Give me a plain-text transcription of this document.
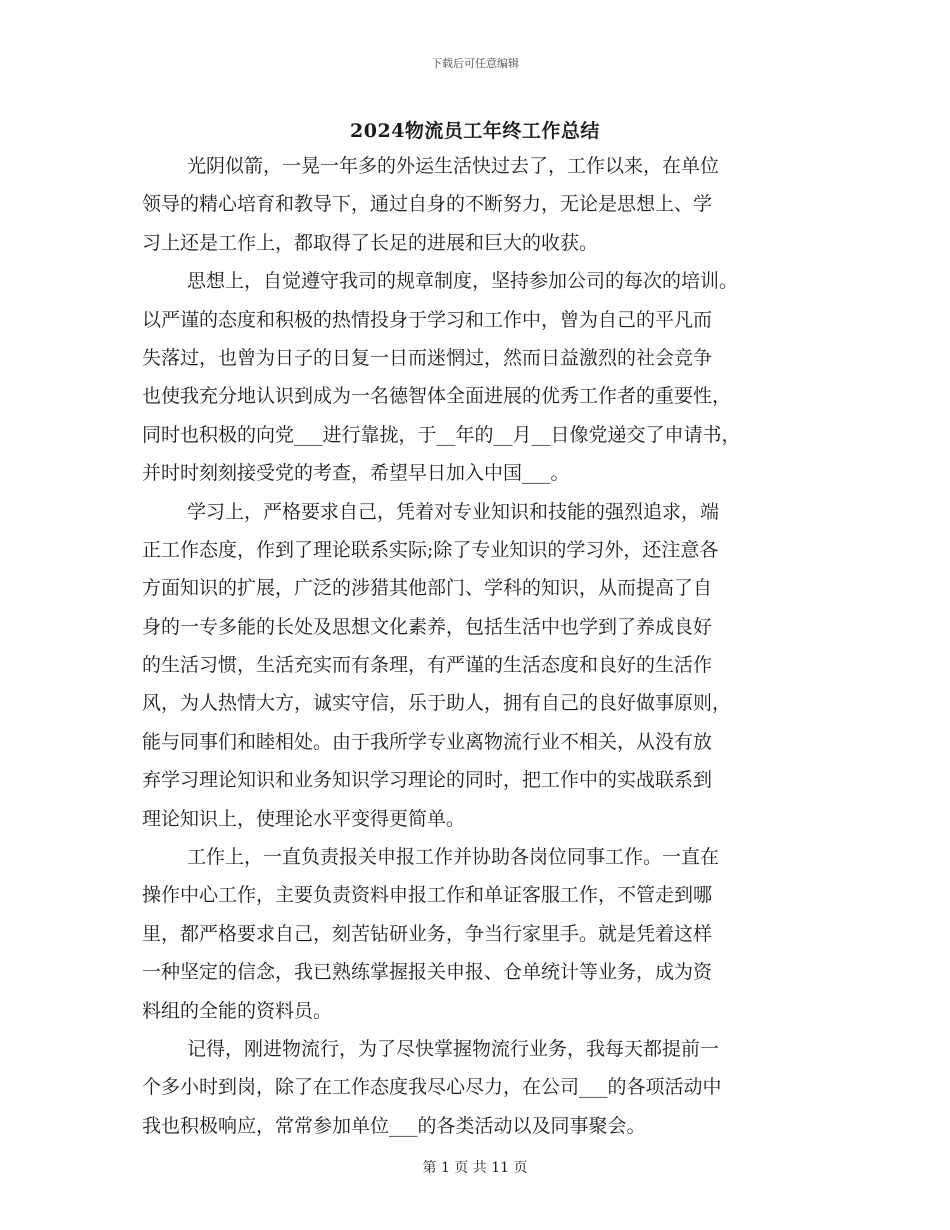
下载后可任意编辑
2024物流员工年终工作总结

光阴似箭，一晃一年多的外运生活快过去了，工作以来，在单位
领导的精心培育和教导下，通过自身的不断努力，无论是思想上、学
习上还是工作上，都取得了长足的进展和巨大的收获。

思想上，自觉遵守我司的规章制度，坚持参加公司的每次的培训。
以严谨的态度和积极的热情投身于学习和工作中，曾为自己的平凡而
失落过，也曾为日子的日复一日而迷惘过，然而日益激烈的社会竞争
也使我充分地认识到成为一名德智体全面进展的优秀工作者的重要性，
同时也积极的向党___进行靠拢，于__年的__月__日像党递交了申请书，
并时时刻刻接受党的考查，希望早日加入中国___。

学习上，严格要求自己，凭着对专业知识和技能的强烈追求，端
正工作态度，作到了理论联系实际;除了专业知识的学习外，还注意各
方面知识的扩展，广泛的涉猎其他部门、学科的知识，从而提高了自
身的一专多能的长处及思想文化素养，包括生活中也学到了养成良好
的生活习惯，生活充实而有条理，有严谨的生活态度和良好的生活作
风，为人热情大方，诚实守信，乐于助人，拥有自己的良好做事原则，
能与同事们和睦相处。由于我所学专业离物流行业不相关，从没有放
弃学习理论知识和业务知识学习理论的同时，把工作中的实战联系到
理论知识上，使理论水平变得更简单。

工作上，一直负责报关申报工作并协助各岗位同事工作。一直在
操作中心工作，主要负责资料申报工作和单证客服工作，不管走到哪
里，都严格要求自己，刻苦钻研业务，争当行家里手。就是凭着这样
一种坚定的信念，我已熟练掌握报关申报、仓单统计等业务，成为资
料组的全能的资料员。

记得，刚进物流行，为了尽快掌握物流行业务，我每天都提前一
个多小时到岗，除了在工作态度我尽心尽力，在公司___的各项活动中
我也积极响应，常常参加单位___的各类活动以及同事聚会。

第 1 页 共 11 页
